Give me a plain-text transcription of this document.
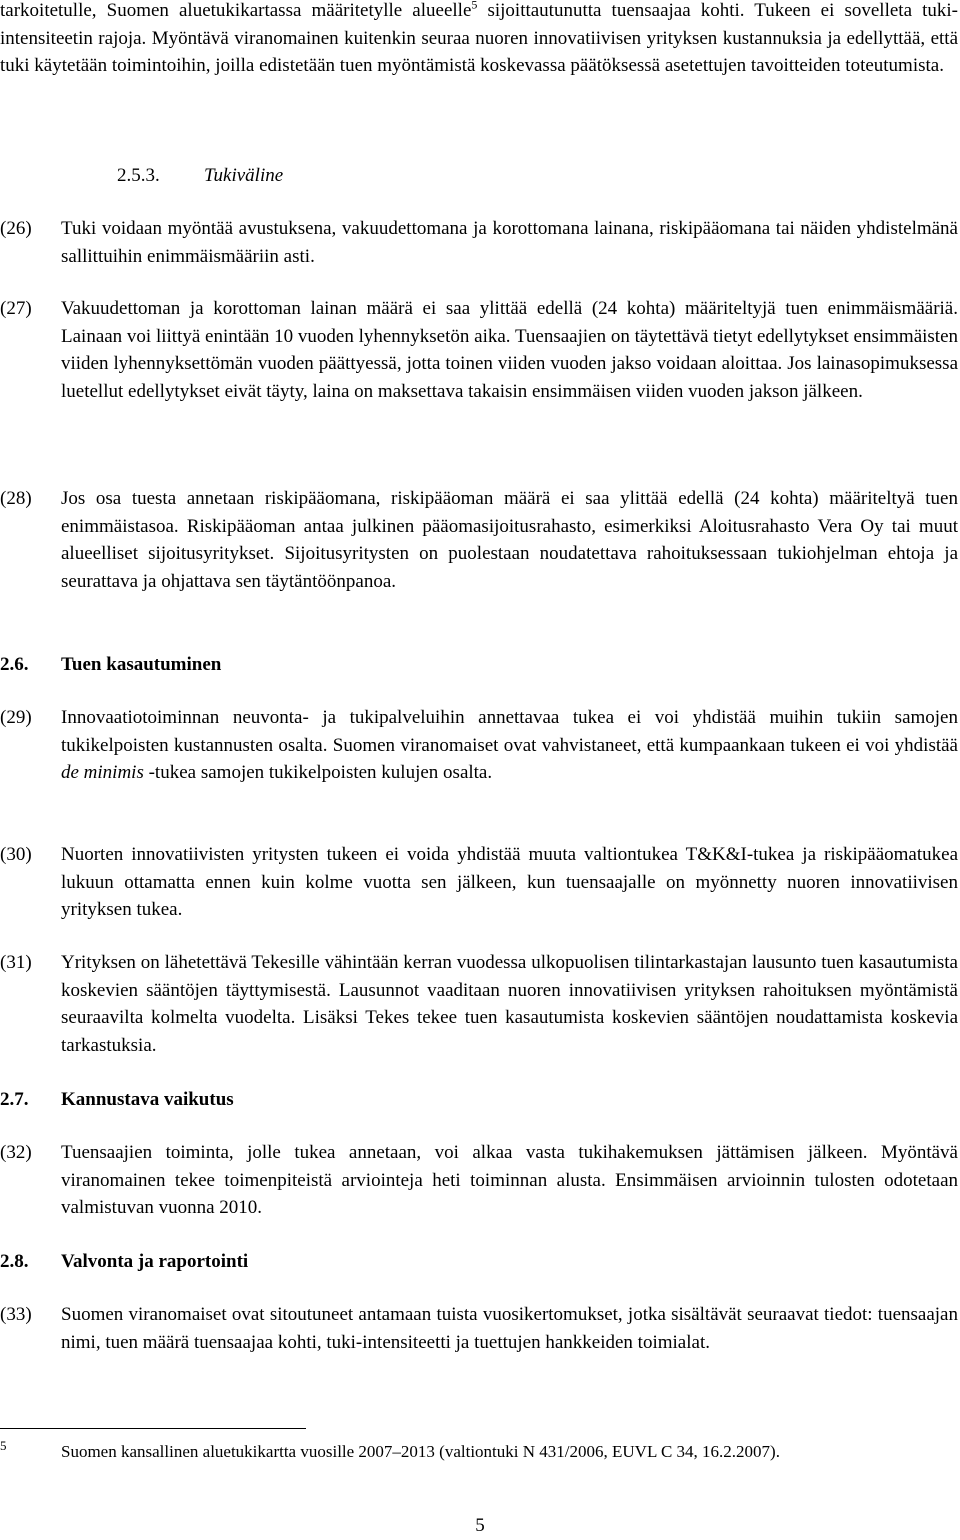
tarkoitetulle, Suomen aluetukikartassa määritetylle alueelle$^5$ sijoittautunutta tuensaajaa kohti. Tukeen ei sovelleta tuki-intensiteetin rajoja. Myöntävä viranomainen kuitenkin seuraa nuoren innovatiivisen yrityksen kustannuksia ja edellyttää, että tuki käytetään toimintoihin, joilla edistetään tuen myöntämistä koskevassa päätöksessä asetettujen tavoitteiden toteutumista.
2.5.3. Tukiväline
(26)	Tuki voidaan myöntää avustuksena, vakuudettomana ja korottomana lainana, riskipääomana tai näiden yhdistelmänä sallittuihin enimmäismääriin asti.
(27)	Vakuudettoman ja korottoman lainan määrä ei saa ylittää edellä (24 kohta) määriteltyjä tuen enimmäismääriä. Lainaan voi liittyä enintään 10 vuoden lyhennyksetön aika. Tuensaajien on täytettävä tietyt edellytykset ensimmäisten viiden lyhennyksettömän vuoden päättyessä, jotta toinen viiden vuoden jakso voidaan aloittaa. Jos lainasopimuksessa luetellut edellytykset eivät täyty, laina on maksettava takaisin ensimmäisen viiden vuoden jakson jälkeen.
(28)	Jos osa tuesta annetaan riskipääomana, riskipääoman määrä ei saa ylittää edellä (24 kohta) määriteltyä tuen enimmäistasoa. Riskipääoman antaa julkinen pääomasijoitusrahasto, esimerkiksi Aloitusrahasto Vera Oy tai muut alueelliset sijoitusyritykset. Sijoitusyritysten on puolestaan noudatettava rahoituksessaan tukiohjelman ehtoja ja seurattava ja ohjattava sen täytäntöönpanoa.
2.6.	Tuen kasautuminen
(29)	Innovaatiotoiminnan neuvonta- ja tukipalveluihin annettavaa tukea ei voi yhdistää muihin tukiin samojen tukikelpoisten kustannusten osalta. Suomen viranomaiset ovat vahvistaneet, että kumpaankaan tukeen ei voi yhdistää de minimis -tukea samojen tukikelpoisten kulujen osalta.
(30)	Nuorten innovatiivisten yritysten tukeen ei voida yhdistää muuta valtiontukea T&K&I-tukea ja riskipääomatukea lukuun ottamatta ennen kuin kolme vuotta sen jälkeen, kun tuensaajalle on myönnetty nuoren innovatiivisen yrityksen tukea.
(31)	Yrityksen on lähetettävä Tekesille vähintään kerran vuodessa ulkopuolisen tilintarkastajan lausunto tuen kasautumista koskevien sääntöjen täyttymisestä. Lausunnot vaaditaan nuoren innovatiivisen yrityksen rahoituksen myöntämistä seuraavilta kolmelta vuodelta. Lisäksi Tekes tekee tuen kasautumista koskevien sääntöjen noudattamista koskevia tarkastuksia.
2.7.	Kannustava vaikutus
(32)	Tuensaajien toiminta, jolle tukea annetaan, voi alkaa vasta tukihakemuksen jättämisen jälkeen. Myöntävä viranomainen tekee toimenpiteistä arviointeja heti toiminnan alusta. Ensimmäisen arvioinnin tulosten odotetaan valmistuvan vuonna 2010.
2.8.	Valvonta ja raportointi
(33)	Suomen viranomaiset ovat sitoutuneet antamaan tuista vuosikertomukset, jotka sisältävät seuraavat tiedot: tuensaajan nimi, tuen määrä tuensaajaa kohti, tuki-intensiteetti ja tuettujen hankkeiden toimialat.
5	Suomen kansallinen aluetukikartta vuosille 2007–2013 (valtiontuki N 431/2006, EUVL C 34, 16.2.2007).
5
